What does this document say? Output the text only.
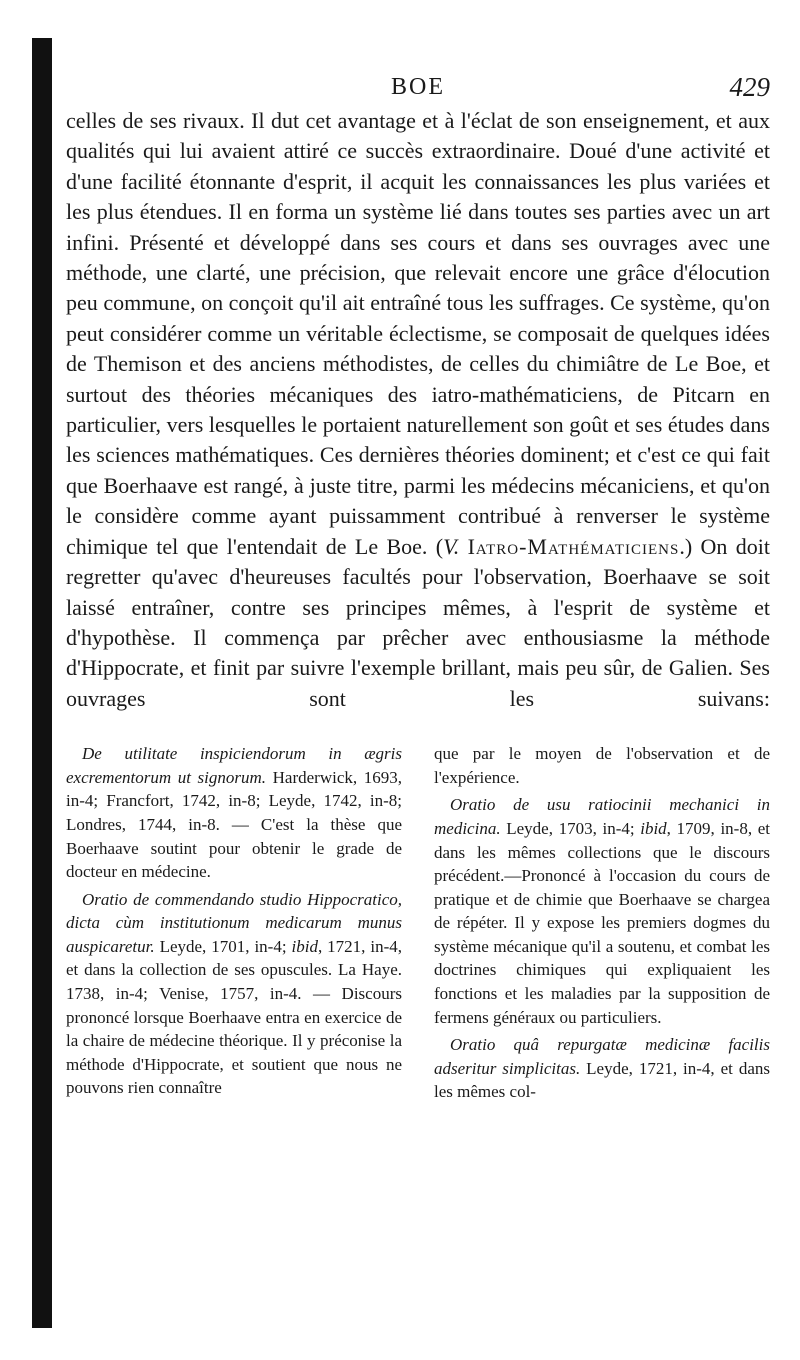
BOE	429
celles de ses rivaux. Il dut cet avantage et à l'éclat de son enseignement, et aux qualités qui lui avaient attiré ce succès extraordinaire. Doué d'une activité et d'une facilité étonnante d'esprit, il acquit les connaissances les plus variées et les plus étendues. Il en forma un système lié dans toutes ses parties avec un art infini. Présenté et développé dans ses cours et dans ses ouvrages avec une méthode, une clarté, une précision, que relevait encore une grâce d'élocution peu commune, on conçoit qu'il ait entraîné tous les suffrages. Ce système, qu'on peut considérer comme un véritable éclectisme, se composait de quelques idées de Themison et des anciens méthodistes, de celles du chimiâtre de Le Boe, et surtout des théories mécaniques des iatro-mathématiciens, de Pitcarn en particulier, vers lesquelles le portaient naturellement son goût et ses études dans les sciences mathématiques. Ces dernières théories dominent; et c'est ce qui fait que Boerhaave est rangé, à juste titre, parmi les médecins mécaniciens, et qu'on le considère comme ayant puissamment contribué à renverser le système chimique tel que l'entendait de Le Boe. (V. Iatro-Mathématiciens.) On doit regretter qu'avec d'heureuses facultés pour l'observation, Boerhaave se soit laissé entraîner, contre ses principes mêmes, à l'esprit de système et d'hypothèse. Il commença par prêcher avec enthousiasme la méthode d'Hippocrate, et finit par suivre l'exemple brillant, mais peu sûr, de Galien. Ses ouvrages sont les suivans:

De utilitate inspiciendorum in ægris excrementorum ut signorum. Harderwick, 1693, in-4; Francfort, 1742, in-8; Leyde, 1742, in-8; Londres, 1744, in-8. — C'est la thèse que Boerhaave soutint pour obtenir le grade de docteur en médecine.

Oratio de commendando studio Hippocratico, dicta cùm institutionum medicarum munus auspicaretur. Leyde, 1701, in-4; ibid, 1721, in-4, et dans la collection de ses opuscules. La Haye. 1738, in-4; Venise, 1757, in-4. — Discours prononcé lorsque Boerhaave entra en exercice de la chaire de médecine théorique. Il y préconise la méthode d'Hippocrate, et soutient que nous ne pouvons rien connaître

que par le moyen de l'observation et de l'expérience.

Oratio de usu ratiocinii mechanici in medicina. Leyde, 1703, in-4; ibid, 1709, in-8, et dans les mêmes collections que le discours précédent.—Prononcé à l'occasion du cours de pratique et de chimie que Boerhaave se chargea de répéter. Il y expose les premiers dogmes du système mécanique qu'il a soutenu, et combat les doctrines chimiques qui expliquaient les fonctions et les maladies par la supposition de fermens généraux ou particuliers.

Oratio quâ repurgatæ medicinæ facilis adseritur simplicitas. Leyde, 1721, in-4, et dans les mêmes col-
